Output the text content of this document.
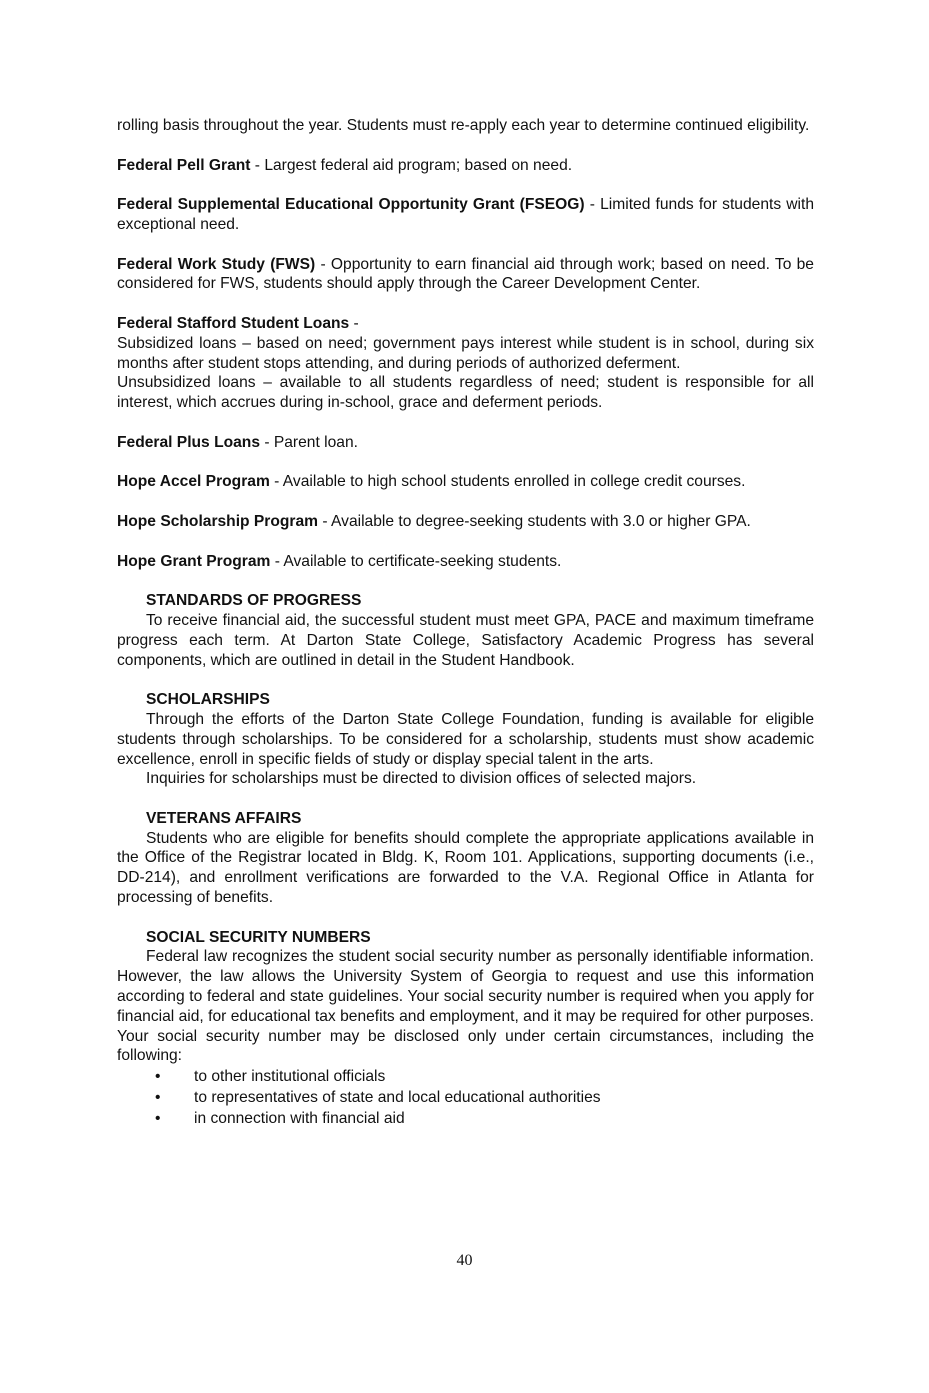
rolling basis throughout the year. Students must re-apply each year to determine continued eligibility.

Federal Pell Grant - Largest federal aid program; based on need.

Federal Supplemental Educational Opportunity Grant (FSEOG) - Limited funds for students with exceptional need.

Federal Work Study (FWS) - Opportunity to earn financial aid through work; based on need. To be considered for FWS, students should apply through the Career Development Center.

Federal Stafford Student Loans -

Subsidized loans – based on need; government pays interest while student is in school, during six months after student stops attending, and during periods of authorized deferment.

Unsubsidized loans – available to all students regardless of need; student is responsible for all interest, which accrues during in-school, grace and deferment periods.

Federal Plus Loans - Parent loan.

Hope Accel Program - Available to high school students enrolled in college credit courses.

Hope Scholarship Program - Available to degree-seeking students with 3.0 or higher GPA.

Hope Grant Program - Available to certificate-seeking students.

STANDARDS OF PROGRESS

To receive financial aid, the successful student must meet GPA, PACE and maximum timeframe progress each term. At Darton State College, Satisfactory Academic Progress has several components, which are outlined in detail in the Student Handbook.

SCHOLARSHIPS

Through the efforts of the Darton State College Foundation, funding is available for eligible students through scholarships. To be considered for a scholarship, students must show academic excellence, enroll in specific fields of study or display special talent in the arts.

Inquiries for scholarships must be directed to division offices of selected majors.

VETERANS AFFAIRS

Students who are eligible for benefits should complete the appropriate applications available in the Office of the Registrar located in Bldg. K, Room 101. Applications, supporting documents (i.e., DD-214), and enrollment verifications are forwarded to the V.A. Regional Office in Atlanta for processing of benefits.

SOCIAL SECURITY NUMBERS

Federal law recognizes the student social security number as personally identifiable information. However, the law allows the University System of Georgia to request and use this information according to federal and state guidelines. Your social security number is required when you apply for financial aid, for educational tax benefits and employment, and it may be required for other purposes. Your social security number may be disclosed only under certain circumstances, including the following:

• to other institutional officials
• to representatives of state and local educational authorities
• in connection with financial aid
40
